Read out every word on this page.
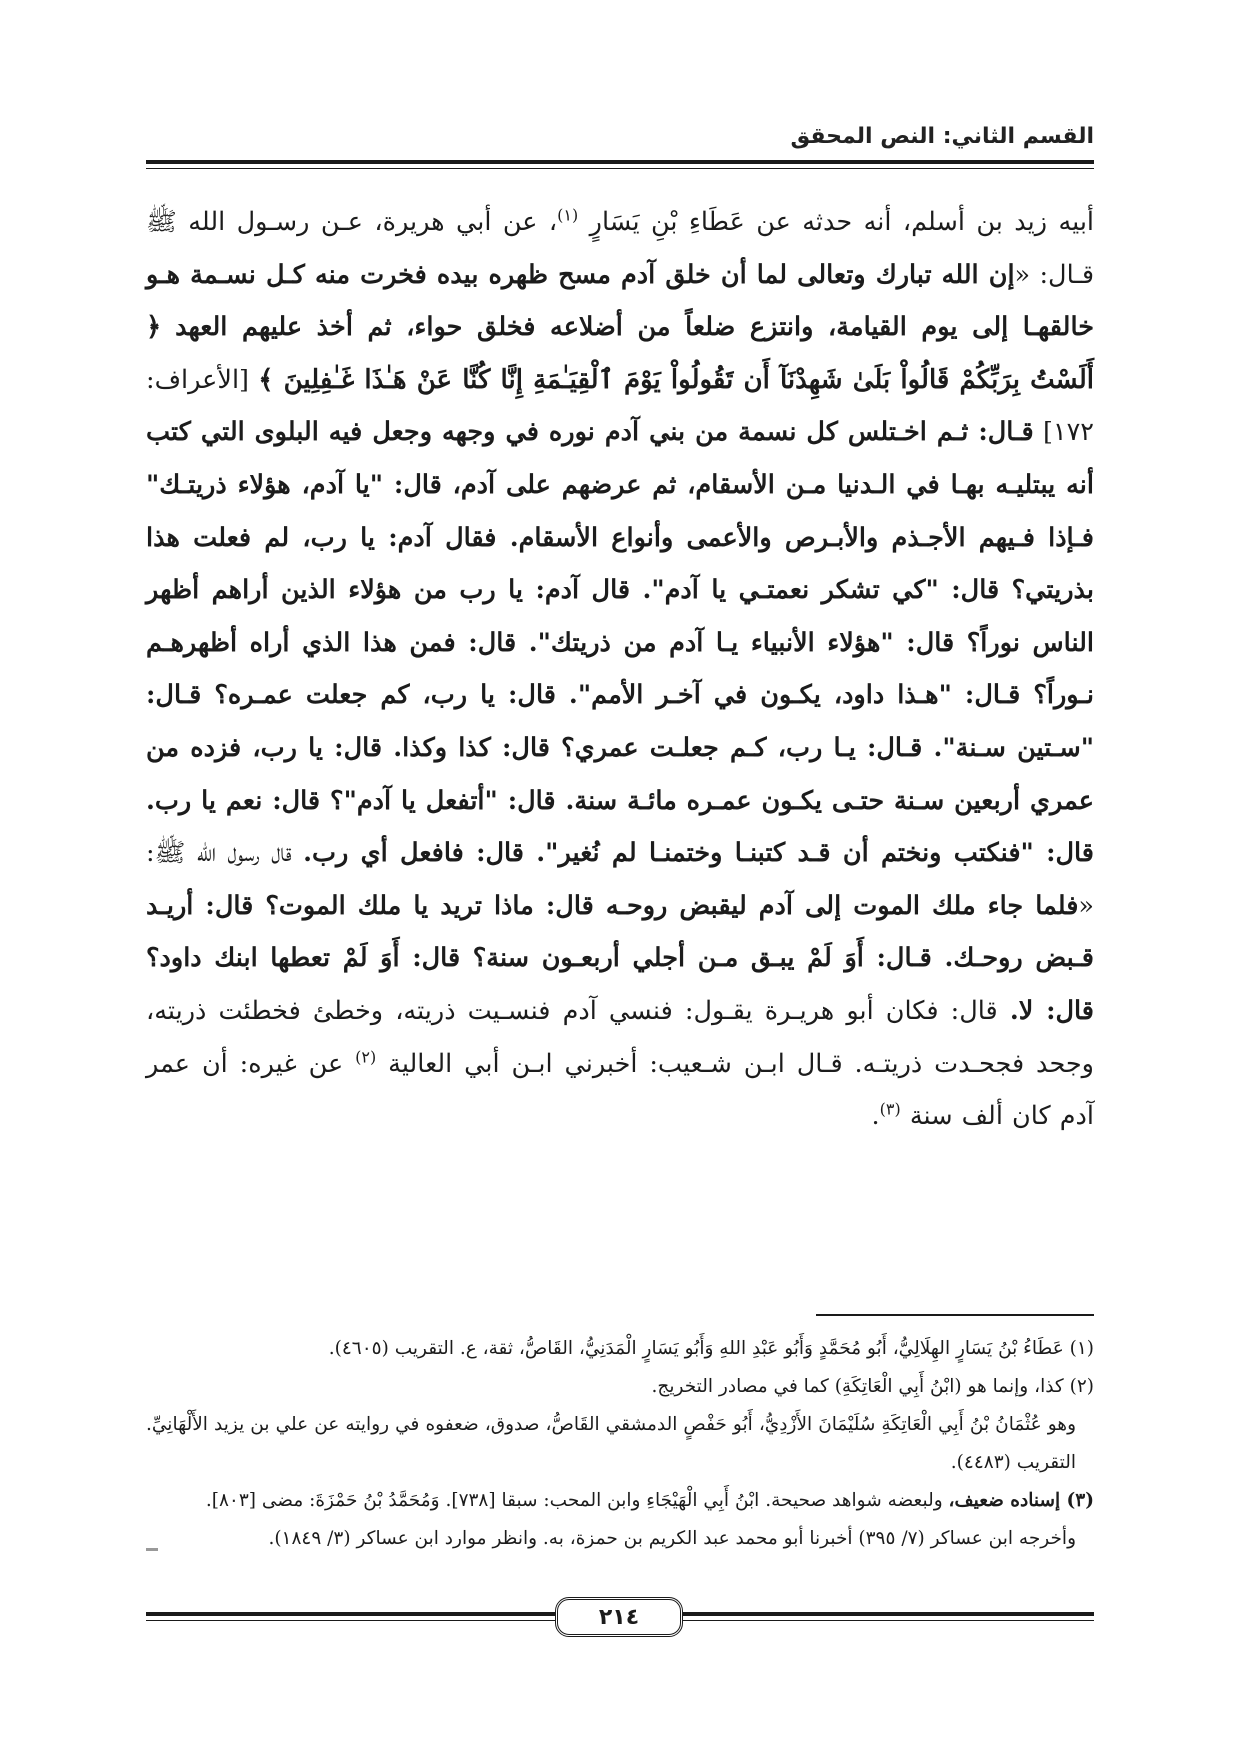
القسم الثاني: النص المحقق

أبيه زيد بن أسلم، أنه حدثه عن عَطَاءِ بْنِ يَسَارٍ $^{(١)}$، عن أبي هريرة، عـن رسـول الله ﷺ قـال: «إن الله تبارك وتعالى لما أن خلق آدم مسح ظهره بيده فخرت منه كـل نسـمة هـو خالقهـا إلى يوم القيامة، وانتزع ضلعاً من أضلاعه فخلق حواء، ثم أخذ عليهم العهد ﴿ أَلَسْتُ بِرَبِّكُمْ قَالُواْ بَلَىٰ شَهِدْنَآ أَن تَقُولُواْ يَوْمَ ٱلْقِيَـٰمَةِ إِنَّا كُنَّا عَنْ هَـٰذَا غَـٰفِلِينَ ﴾ [الأعراف: ١٧٢] قـال: ثـم اخـتلس كل نسمة من بني آدم نوره في وجهه وجعل فيه البلوى التي كتب أنه يبتليـه بهـا في الـدنيا مـن الأسقام، ثم عرضهم على آدم، قال: "يا آدم، هؤلاء ذريتـك" فـإذا فـيهم الأجـذم والأبـرص والأعمى وأنواع الأسقام. فقال آدم: يا رب، لم فعلت هذا بذريتي؟ قال: "كي تشكر نعمتـي يا آدم". قال آدم: يا رب من هؤلاء الذين أراهم أظهر الناس نوراً؟ قال: "هؤلاء الأنبياء يـا آدم من ذريتك". قال: فمن هذا الذي أراه أظهرهـم نـوراً؟ قـال: "هـذا داود، يكـون في آخـر الأمم". قال: يا رب، كم جعلت عمـره؟ قـال: "سـتين سـنة". قـال: يـا رب، كـم جعلـت عمري؟ قال: كذا وكذا. قال: يا رب، فزده من عمري أربعين سـنة حتـى يكـون عمـره مائـة سنة. قال: "أتفعل يا آدم"؟ قال: نعم يا رب. قال: "فنكتب ونختم أن قـد كتبنـا وختمنـا لم نُغير". قال: فافعل أي رب. قال رسول الله ﷺ: «فلما جاء ملك الموت إلى آدم ليقبض روحـه قال: ماذا تريد يا ملك الموت؟ قال: أريـد قـبض روحـك. قـال: أَوَ لَمْ يبـق مـن أجلي أربعـون سنة؟ قال: أَوَ لَمْ تعطها ابنك داود؟ قال: لا. قال: فكان أبو هريـرة يقـول: فنسي آدم فنسـيت ذريته، وخطئ فخطئت ذريته، وجحد فجحـدت ذريتـه. قـال ابـن شـعيب: أخبرني ابـن أبي العالية $^{(٢)}$ عن غيره: أن عمر آدم كان ألف سنة $^{(٣)}$.

(١) عَطَاءُ بْنُ يَسَارٍ الهِلَالِيُّ، أَبُو مُحَمَّدٍ وَأَبُو عَبْدِ اللهِ وَأَبُو يَسَارٍ الْمَدَنِيُّ، القَاصُّ، ثقة، ع. التقريب (٤٦٠٥).

(٢) كذا، وإنما هو (ابْنُ أَبِي الْعَاتِكَةِ) كما في مصادر التخريج.

وهو عُثْمَانُ بْنُ أَبِي الْعَاتِكَةِ سُلَيْمَانَ الأَزْدِيُّ، أَبُو حَفْصٍ الدمشقي القَاصُّ، صدوق، ضعفوه في روايته عن علي بن يزيد الأَلْهَانِيِّ. التقريب (٤٤٨٣).

(٣) إسناده ضعيف، ولبعضه شواهد صحيحة. ابْنُ أَبِي الْهَيْجَاءِ وابن المحب: سبقا [٧٣٨]. وَمُحَمَّدُ بْنُ حَمْزَةَ: مضى [٨٠٣].

وأخرجه ابن عساكر (٧/ ٣٩٥) أخبرنا أبو محمد عبد الكريم بن حمزة، به. وانظر موارد ابن عساكر (٣/ ١٨٤٩).

٢١٤
